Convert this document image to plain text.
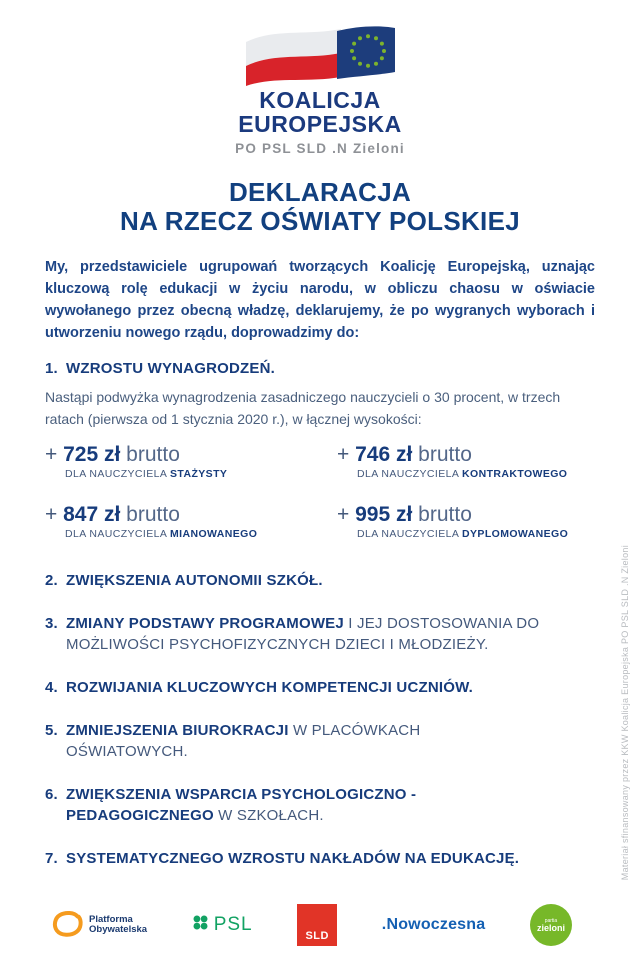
KOALICJA
EUROPEJSKA
PO PSL SLD .N Zieloni
DEKLARACJA
NA RZECZ OŚWIATY POLSKIEJ

My, przedstawiciele ugrupowań tworzących Koalicję Europejską, uznając kluczową rolę edukacji w życiu narodu, w obliczu chaosu w oświacie wywołanego przez obecną władzę, deklarujemy, że po wygranych wyborach i utworzeniu nowego rządu, doprowadzimy do:

1. WZROSTU WYNAGRODZEŃ.

Nastąpi podwyżka wynagrodzenia zasadniczego nauczycieli o 30 procent, w trzech ratach (pierwsza od 1 stycznia 2020 r.), w łącznej wysokości:

+ 725 zł brutto
DLA NAUCZYCIELA STAŻYSTY
+ 746 zł brutto
DLA NAUCZYCIELA KONTRAKTOWEGO
+ 847 zł brutto
DLA NAUCZYCIELA MIANOWANEGO
+ 995 zł brutto
DLA NAUCZYCIELA DYPLOMOWANEGO
2. ZWIĘKSZENIA AUTONOMII SZKÓŁ.
3. ZMIANY PODSTAWY PROGRAMOWEJ I JEJ DOSTOSOWANIA DO MOŻLIWOŚCI PSYCHOFIZYCZNYCH DZIECI I MŁODZIEŻY.
4. ROZWIJANIA KLUCZOWYCH KOMPETENCJI UCZNIÓW.
5. ZMNIEJSZENIA BIUROKRACJI W PLACÓWKACH OŚWIATOWYCH.
6. ZWIĘKSZENIA WSPARCIA PSYCHOLOGICZNO -PEDAGOGICZNEGO W SZKOŁACH.
7. SYSTEMATYCZNEGO WZROSTU NAKŁADÓW NA EDUKACJĘ.
Platforma
Obywatelska	PSL
SLD
.Nowoczesna	partia
zieloni
Materiał sfinansowany przez KKW Koalicja Europejska PO PSL SLD .N Zieloni
